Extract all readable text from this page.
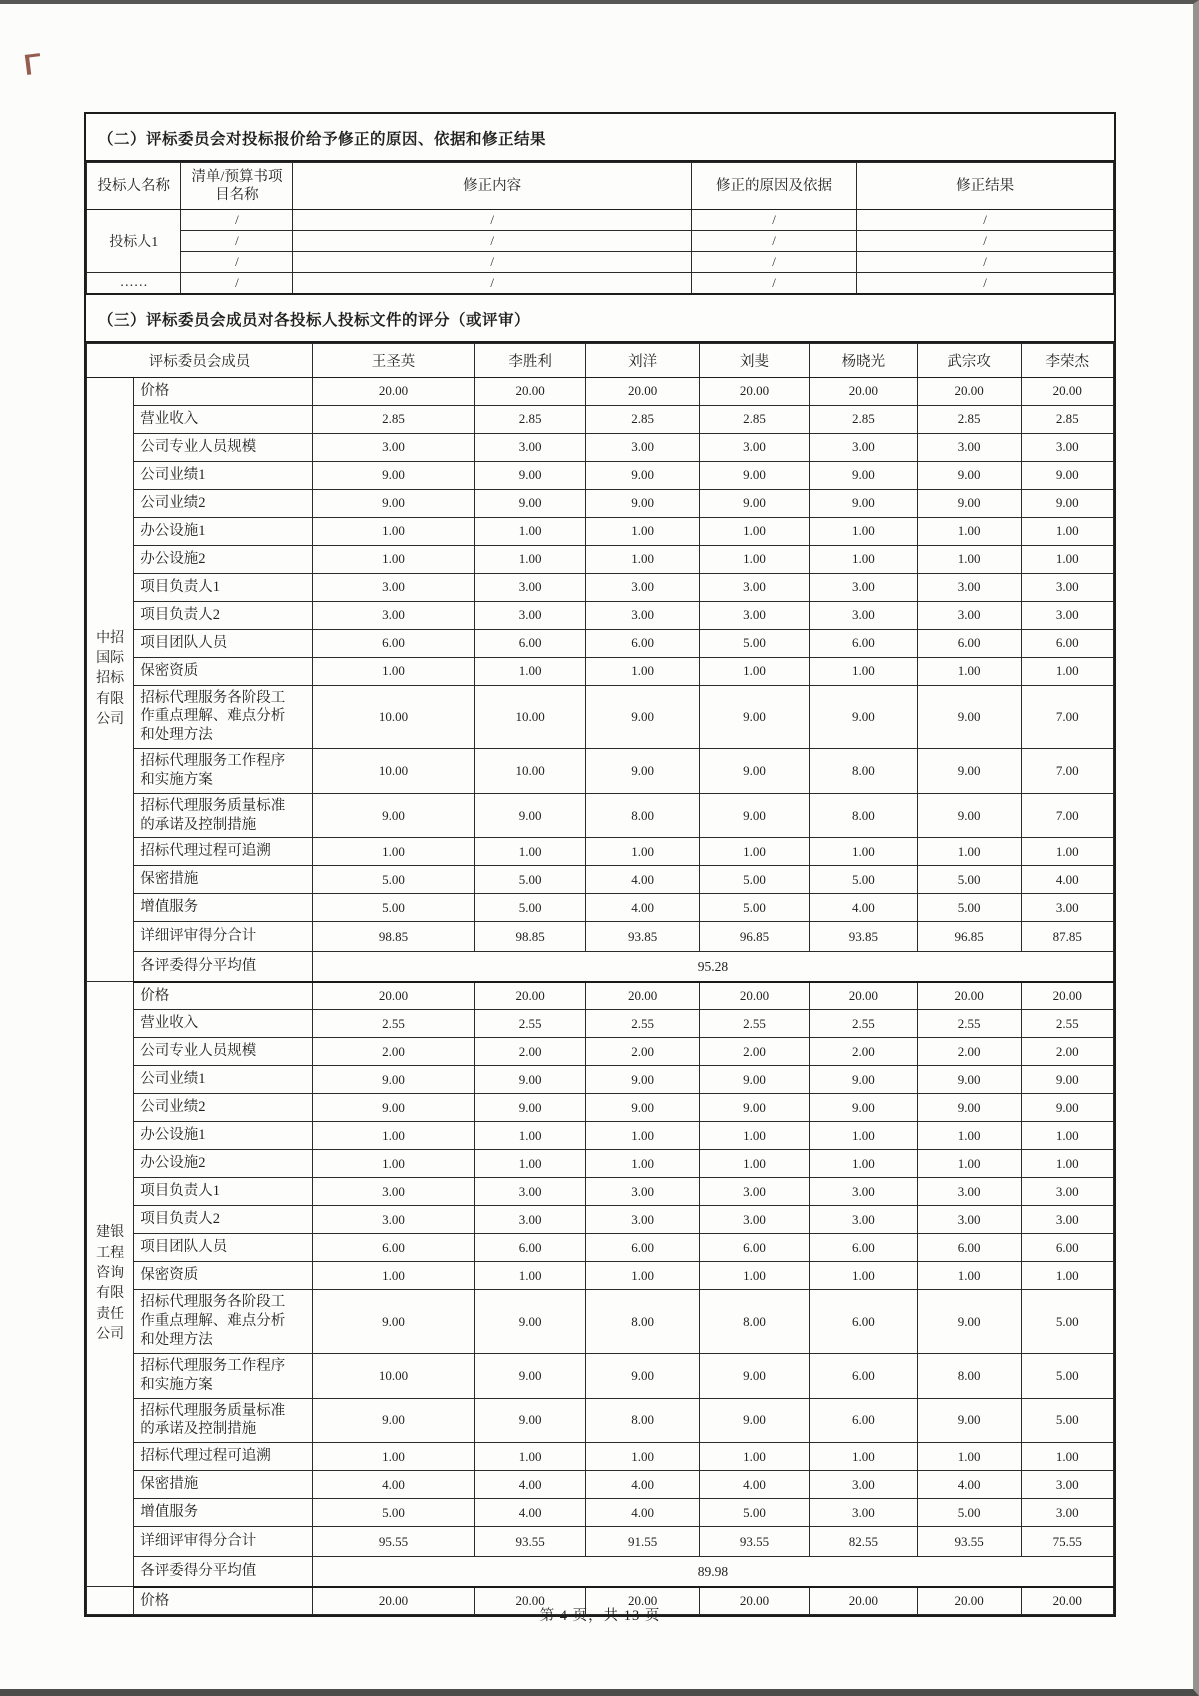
（二）评标委员会对投标报价给予修正的原因、依据和修正结果
投标人名称	清单/预算书项目名称	修正内容	修正的原因及依据	修正结果
投标人1	/	/	/	/
	/	/	/	/
	/	/	/	/
……	/	/	/	/
（三）评标委员会成员对各投标人投标文件的评分（或评审）
评标委员会成员		王圣英	李胜利	刘洋	刘斐	杨晓光	武宗攻	李荣杰
中招
国际
招标
有限
公司	价格	20.00	20.00	20.00	20.00	20.00	20.00	20.00
	营业收入	2.85	2.85	2.85	2.85	2.85	2.85	2.85
	公司专业人员规模	3.00	3.00	3.00	3.00	3.00	3.00	3.00
	公司业绩1	9.00	9.00	9.00	9.00	9.00	9.00	9.00
	公司业绩2	9.00	9.00	9.00	9.00	9.00	9.00	9.00
	办公设施1	1.00	1.00	1.00	1.00	1.00	1.00	1.00
	办公设施2	1.00	1.00	1.00	1.00	1.00	1.00	1.00
	项目负责人1	3.00	3.00	3.00	3.00	3.00	3.00	3.00
	项目负责人2	3.00	3.00	3.00	3.00	3.00	3.00	3.00
	项目团队人员	6.00	6.00	6.00	5.00	6.00	6.00	6.00
	保密资质	1.00	1.00	1.00	1.00	1.00	1.00	1.00
	招标代理服务各阶段工作重点理解、难点分析和处理方法	10.00	10.00	9.00	9.00	9.00	9.00	7.00
	招标代理服务工作程序和实施方案	10.00	10.00	9.00	9.00	8.00	9.00	7.00
	招标代理服务质量标准的承诺及控制措施	9.00	9.00	8.00	9.00	8.00	9.00	7.00
	招标代理过程可追溯	1.00	1.00	1.00	1.00	1.00	1.00	1.00
	保密措施	5.00	5.00	4.00	5.00	5.00	5.00	4.00
	增值服务	5.00	5.00	4.00	5.00	4.00	5.00	3.00
	详细评审得分合计	98.85	98.85	93.85	96.85	93.85	96.85	87.85
	各评委得分平均值	95.28						
建银
工程
咨询
有限
责任
公司	价格	20.00	20.00	20.00	20.00	20.00	20.00	20.00
	营业收入	2.55	2.55	2.55	2.55	2.55	2.55	2.55
	公司专业人员规模	2.00	2.00	2.00	2.00	2.00	2.00	2.00
	公司业绩1	9.00	9.00	9.00	9.00	9.00	9.00	9.00
	公司业绩2	9.00	9.00	9.00	9.00	9.00	9.00	9.00
	办公设施1	1.00	1.00	1.00	1.00	1.00	1.00	1.00
	办公设施2	1.00	1.00	1.00	1.00	1.00	1.00	1.00
	项目负责人1	3.00	3.00	3.00	3.00	3.00	3.00	3.00
	项目负责人2	3.00	3.00	3.00	3.00	3.00	3.00	3.00
	项目团队人员	6.00	6.00	6.00	6.00	6.00	6.00	6.00
	保密资质	1.00	1.00	1.00	1.00	1.00	1.00	1.00
	招标代理服务各阶段工作重点理解、难点分析和处理方法	9.00	9.00	8.00	8.00	6.00	9.00	5.00
	招标代理服务工作程序和实施方案	10.00	9.00	9.00	9.00	6.00	8.00	5.00
	招标代理服务质量标准的承诺及控制措施	9.00	9.00	8.00	9.00	6.00	9.00	5.00
	招标代理过程可追溯	1.00	1.00	1.00	1.00	1.00	1.00	1.00
	保密措施	4.00	4.00	4.00	4.00	3.00	4.00	3.00
	增值服务	5.00	4.00	4.00	5.00	3.00	5.00	3.00
	详细评审得分合计	95.55	93.55	91.55	93.55	82.55	93.55	75.55
	各评委得分平均值	89.98						
	价格	20.00	20.00	20.00	20.00	20.00	20.00	20.00
第 4 页，共 13 页
